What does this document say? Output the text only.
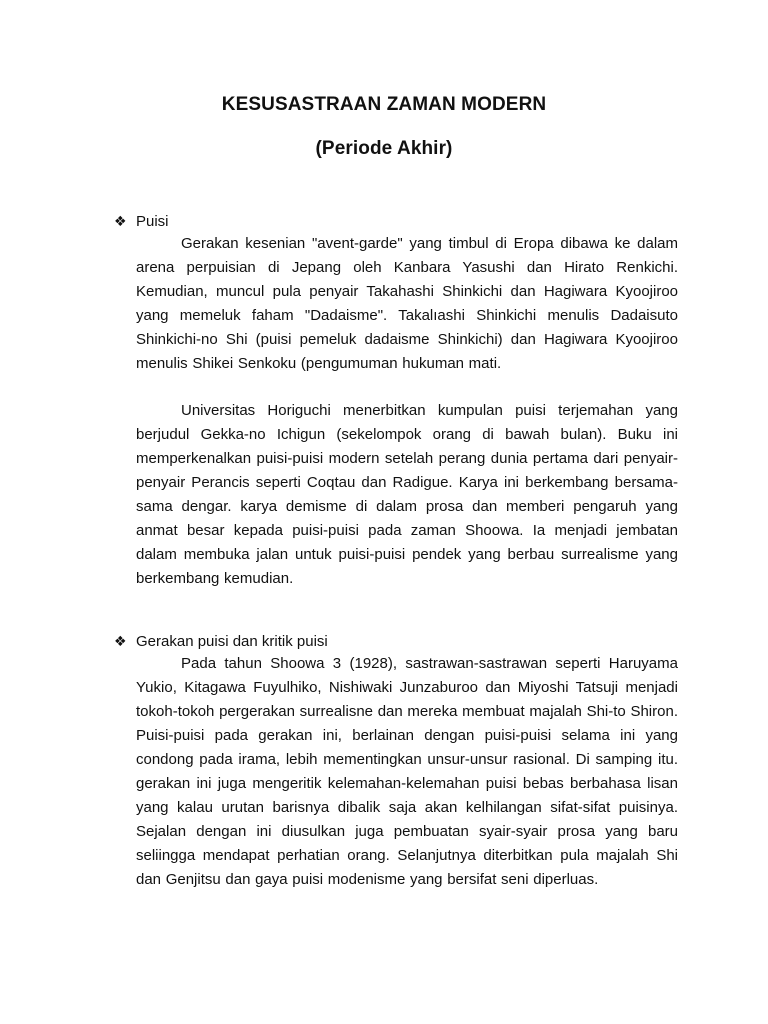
KESUSASTRAAN ZAMAN MODERN
(Periode Akhir)
❖ Puisi

Gerakan kesenian "avent-garde" yang timbul di Eropa dibawa ke dalam arena perpuisian di Jepang oleh Kanbara Yasushi dan Hirato Renkichi. Kemudian, muncul pula penyair Takahashi Shinkichi dan Hagiwara Kyoojiroo yang memeluk faham "Dadaisme". Takalıashi Shinkichi menulis Dadaisuto Shinkichi-no Shi (puisi pemeluk dadaisme Shinkichi) dan Hagiwara Kyoojiroo menulis Shikei Senkoku (pengumuman hukuman mati.

Universitas Horiguchi menerbitkan kumpulan puisi terjemahan yang berjudul Gekka-no Ichigun (sekelompok orang di bawah bulan). Buku ini memperkenalkan puisi-puisi modern setelah perang dunia pertama dari penyair-penyair Perancis seperti Coqtau dan Radigue. Karya ini berkembang bersama-sama dengar. karya demisme di dalam prosa dan memberi pengaruh yang anmat besar kepada puisi-puisi pada zaman Shoowa. Ia menjadi jembatan dalam membuka jalan untuk puisi-puisi pendek yang berbau surrealisme yang berkembang kemudian.

❖ Gerakan puisi dan kritik puisi

Pada tahun Shoowa 3 (1928), sastrawan-sastrawan seperti Haruyama Yukio, Kitagawa Fuyulhiko, Nishiwaki Junzaburoo dan Miyoshi Tatsuji menjadi tokoh-tokoh pergerakan surrealisne dan mereka membuat majalah Shi-to Shiron. Puisi-puisi pada gerakan ini, berlainan dengan puisi-puisi selama ini yang condong pada irama, lebih mementingkan unsur-unsur rasional. Di samping itu. gerakan ini juga mengeritik kelemahan-kelemahan puisi bebas berbahasa lisan yang kalau urutan barisnya dibalik saja akan kelhilangan sifat-sifat puisinya. Sejalan dengan ini diusulkan juga pembuatan syair-syair prosa yang baru seliingga mendapat perhatian orang. Selanjutnya diterbitkan pula majalah Shi dan Genjitsu dan gaya puisi modenisme yang bersifat seni diperluas.
